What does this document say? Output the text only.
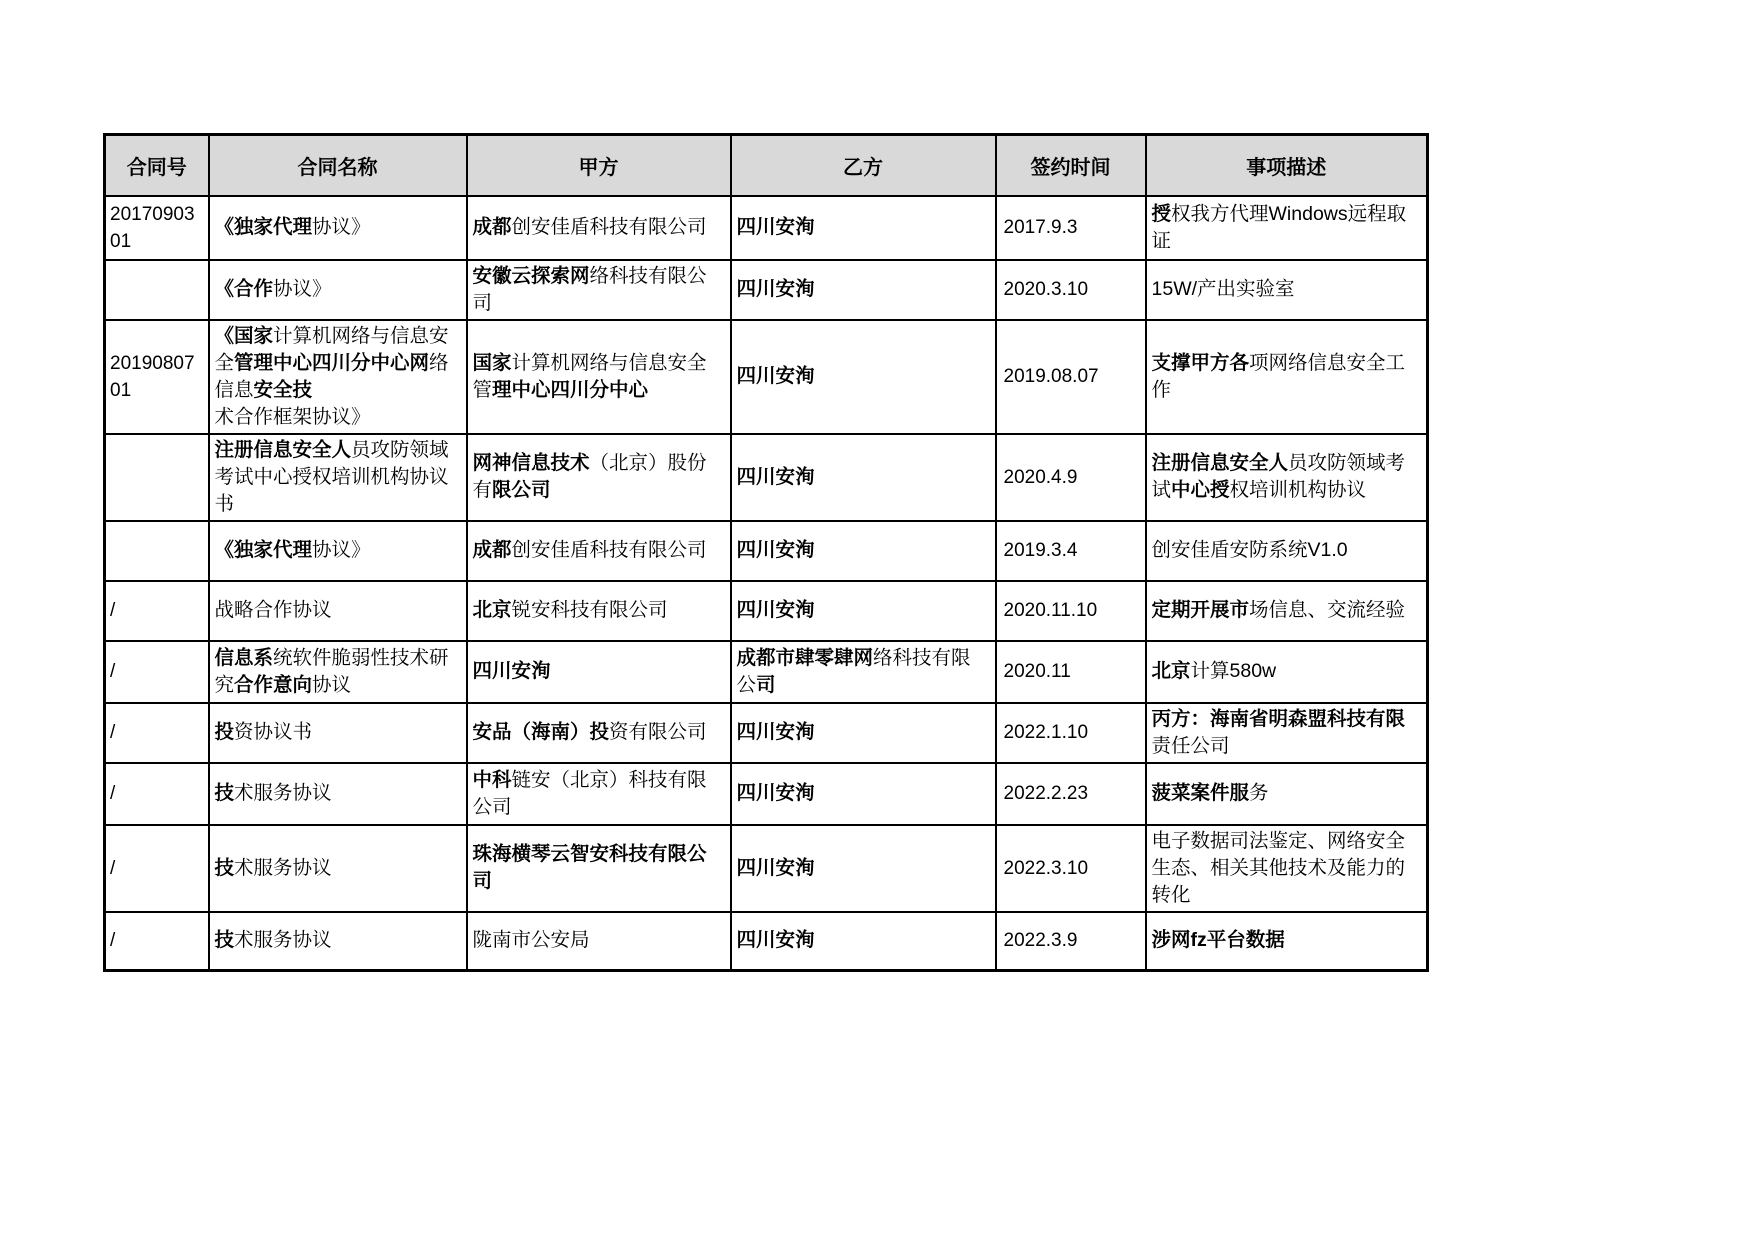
合同号	合同名称	甲方	乙方	签约时间	事项描述
2017090301	《独家代理协议》	成都创安佳盾科技有限公司	四川安洵	2017.9.3	授权我方代理Windows远程取证
	《合作协议》	安徽云探索网络科技有限公司	四川安洵	2020.3.10	15W/产出实验室
2019080701	《国家计算机网络与信息安全管理中心四川分中心网络信息安全技术合作框架协议》	国家计算机网络与信息安全管理中心四川分中心	四川安洵	2019.08.07	支撑甲方各项网络信息安全工作
	注册信息安全人员攻防领域考试中心授权培训机构协议书	网神信息技术（北京）股份有限公司	四川安洵	2020.4.9	注册信息安全人员攻防领域考试中心授权培训机构协议
	《独家代理协议》	成都创安佳盾科技有限公司	四川安洵	2019.3.4	创安佳盾安防系统V1.0
/	战略合作协议	北京锐安科技有限公司	四川安洵	2020.11.10	定期开展市场信息、交流经验
/	信息系统软件脆弱性技术研究合作意向协议	四川安洵	成都市肆零肆网络科技有限公司	2020.11	北京计算580w
/	投资协议书	安品（海南）投资有限公司	四川安洵	2022.1.10	丙方：海南省明森盟科技有限责任公司
/	技术服务协议	中科链安（北京）科技有限公司	四川安洵	2022.2.23	菠菜案件服务
/	技术服务协议	珠海横琴云智安科技有限公司	四川安洵	2022.3.10	电子数据司法鉴定、网络安全生态、相关其他技术及能力的转化
/	技术服务协议	陇南市公安局	四川安洵	2022.3.9	涉网fz平台数据
